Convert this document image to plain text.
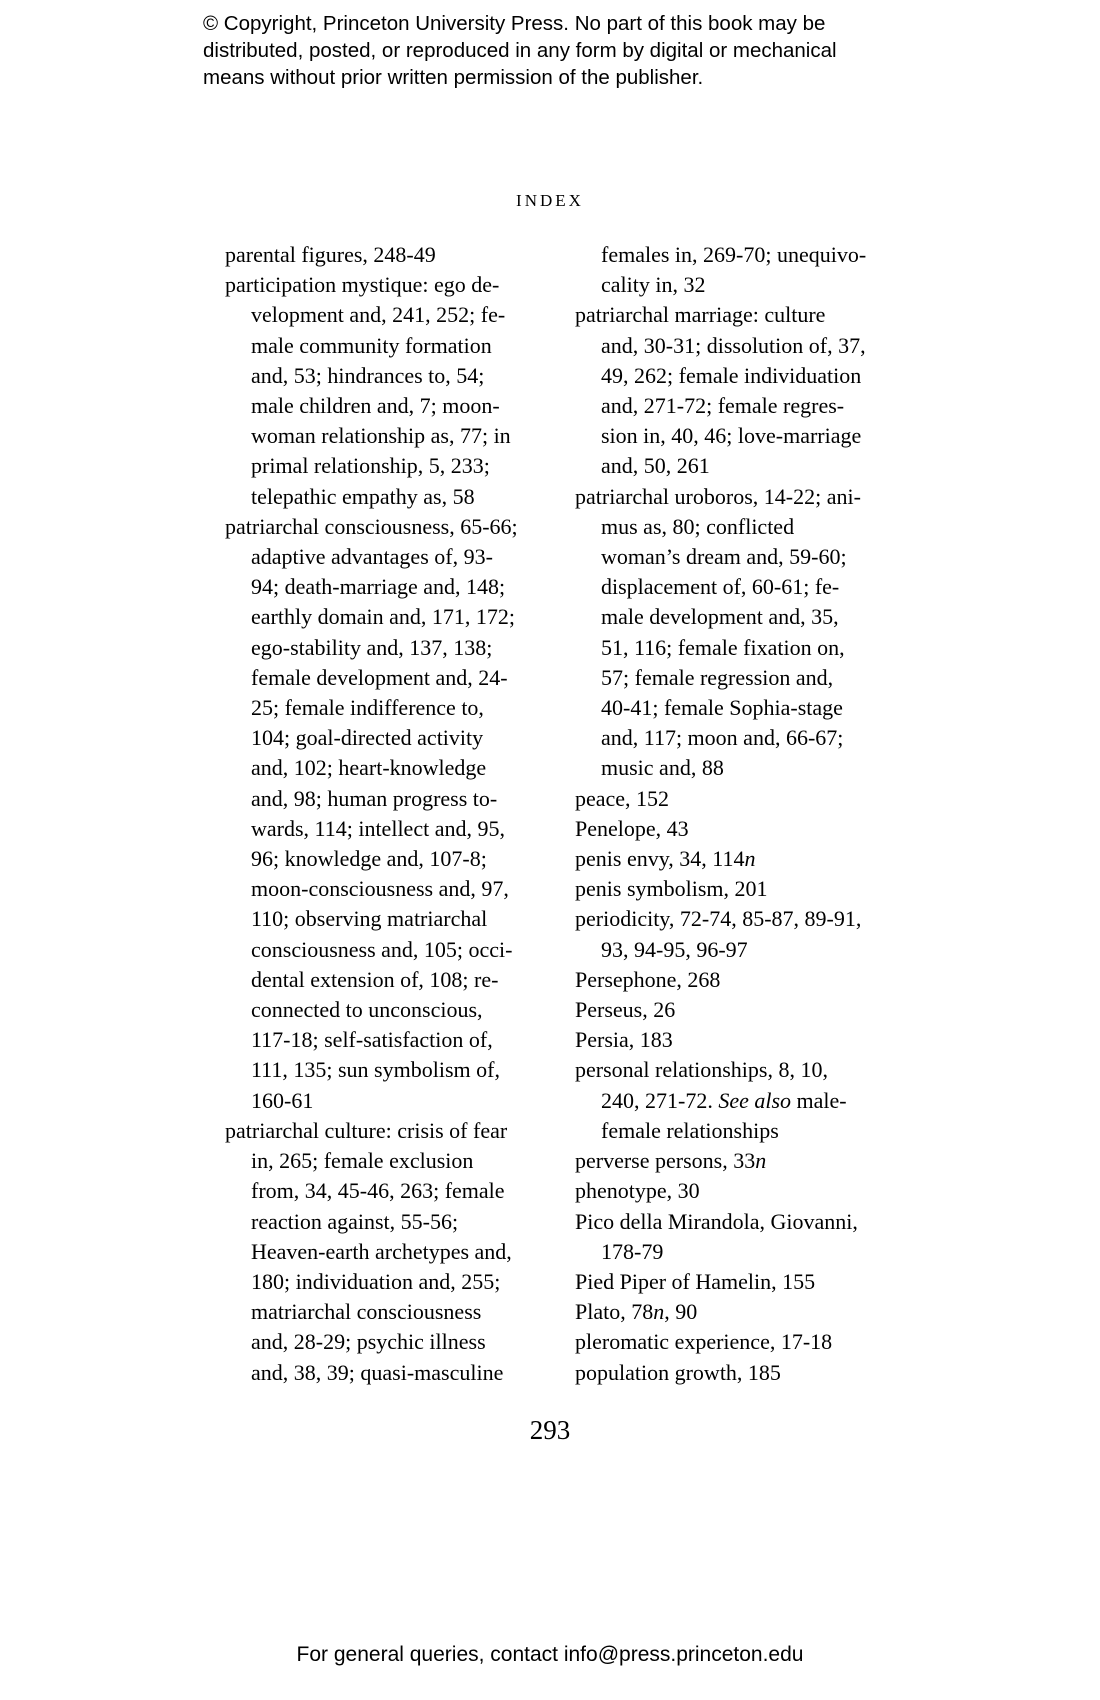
© Copyright, Princeton University Press. No part of this book may be
distributed, posted, or reproduced in any form by digital or mechanical
means without prior written permission of the publisher.
INDEX
parental figures, 248-49
participation mystique: ego de-
velopment and, 241, 252; fe-
male community formation
and, 53; hindrances to, 54;
male children and, 7; moon-
woman relationship as, 77; in
primal relationship, 5, 233;
telepathic empathy as, 58
patriarchal consciousness, 65-66;
adaptive advantages of, 93-
94; death-marriage and, 148;
earthly domain and, 171, 172;
ego-stability and, 137, 138;
female development and, 24-
25; female indifference to,
104; goal-directed activity
and, 102; heart-knowledge
and, 98; human progress to-
wards, 114; intellect and, 95,
96; knowledge and, 107-8;
moon-consciousness and, 97,
110; observing matriarchal
consciousness and, 105; occi-
dental extension of, 108; re-
connected to unconscious,
117-18; self-satisfaction of,
111, 135; sun symbolism of,
160-61
patriarchal culture: crisis of fear
in, 265; female exclusion
from, 34, 45-46, 263; female
reaction against, 55-56;
Heaven-earth archetypes and,
180; individuation and, 255;
matriarchal consciousness
and, 28-29; psychic illness
and, 38, 39; quasi-masculine
females in, 269-70; unequivo-
cality in, 32
patriarchal marriage: culture
and, 30-31; dissolution of, 37,
49, 262; female individuation
and, 271-72; female regres-
sion in, 40, 46; love-marriage
and, 50, 261
patriarchal uroboros, 14-22; ani-
mus as, 80; conflicted
woman’s dream and, 59-60;
displacement of, 60-61; fe-
male development and, 35,
51, 116; female fixation on,
57; female regression and,
40-41; female Sophia-stage
and, 117; moon and, 66-67;
music and, 88
peace, 152
Penelope, 43
penis envy, 34, 114n
penis symbolism, 201
periodicity, 72-74, 85-87, 89-91,
93, 94-95, 96-97
Persephone, 268
Perseus, 26
Persia, 183
personal relationships, 8, 10,
240, 271-72. See also male-
female relationships
perverse persons, 33n
phenotype, 30
Pico della Mirandola, Giovanni,
178-79
Pied Piper of Hamelin, 155
Plato, 78n, 90
pleromatic experience, 17-18
population growth, 185
293
For general queries, contact info@press.princeton.edu
